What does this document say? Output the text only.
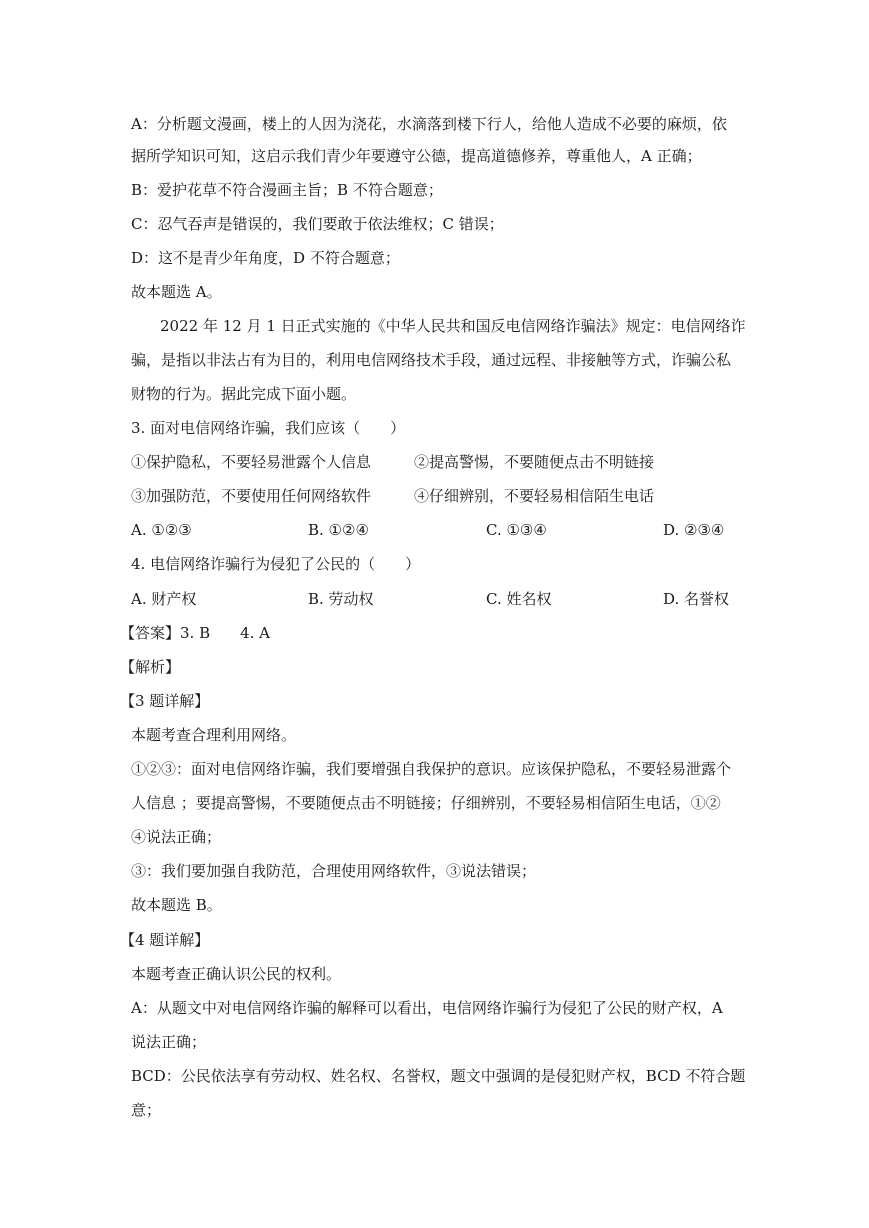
A：分析题文漫画，楼上的人因为浇花，水滴落到楼下行人，给他人造成不必要的麻烦，依
据所学知识可知，这启示我们青少年要遵守公德，提高道德修养，尊重他人，A 正确；
B：爱护花草不符合漫画主旨；B 不符合题意；
C：忍气吞声是错误的，我们要敢于依法维权；C 错误；
D：这不是青少年角度，D 不符合题意；
故本题选 A。
2022 年 12 月 1 日正式实施的《中华人民共和国反电信网络诈骗法》规定：电信网络诈
骗，是指以非法占有为目的，利用电信网络技术手段，通过远程、非接触等方式，诈骗公私
财物的行为。据此完成下面小题。
3. 面对电信网络诈骗，我们应该（　　）
①保护隐私，不要轻易泄露个人信息	②提高警惕，不要随便点击不明链接
③加强防范，不要使用任何网络软件	④仔细辨别，不要轻易相信陌生电话
A. ①②③	B. ①②④	C. ①③④	D. ②③④
4. 电信网络诈骗行为侵犯了公民的（　　）
A. 财产权	B. 劳动权	C. 姓名权	D. 名誉权
【答案】3. B　　4. A
【解析】
【3 题详解】
本题考查合理利用网络。
①②③：面对电信网络诈骗，我们要增强自我保护的意识。应该保护隐私，不要轻易泄露个
人信息 ；要提高警惕，不要随便点击不明链接；仔细辨别，不要轻易相信陌生电话，①②
④说法正确；
③：我们要加强自我防范，合理使用网络软件，③说法错误；
故本题选 B。
【4 题详解】
本题考查正确认识公民的权利。
A：从题文中对电信网络诈骗的解释可以看出，电信网络诈骗行为侵犯了公民的财产权，A
说法正确；
BCD：公民依法享有劳动权、姓名权、名誉权，题文中强调的是侵犯财产权，BCD 不符合题
意；
